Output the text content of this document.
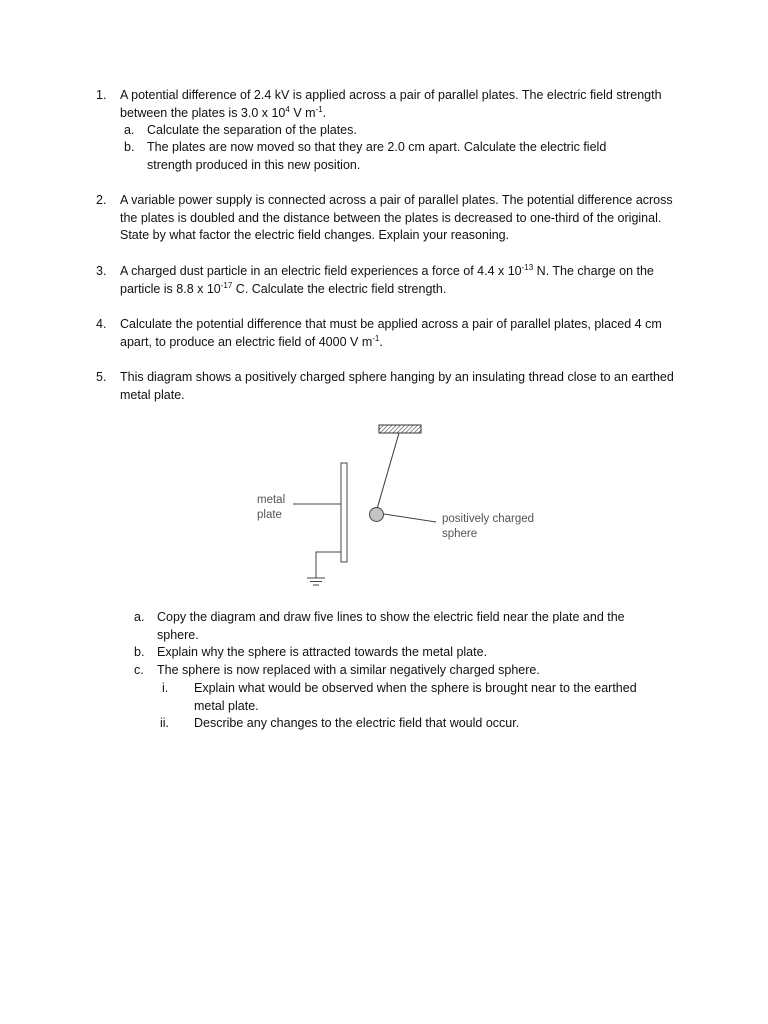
1. A potential difference of 2.4 kV is applied across a pair of parallel plates. The electric field strength between the plates is 3.0 x $10^4$ V $m^{-1}$.
a. Calculate the separation of the plates.
b. The plates are now moved so that they are 2.0 cm apart. Calculate the electric field strength produced in this new position.
2. A variable power supply is connected across a pair of parallel plates. The potential difference across the plates is doubled and the distance between the plates is decreased to one-third of the original. State by what factor the electric field changes. Explain your reasoning.
3. A charged dust particle in an electric field experiences a force of 4.4 x $10^{-13}$ N. The charge on the particle is 8.8 x $10^{-17}$ C. Calculate the electric field strength.
4. Calculate the potential difference that must be applied across a pair of parallel plates, placed 4 cm apart, to produce an electric field of 4000 V $m^{-1}$.
5. This diagram shows a positively charged sphere hanging by an insulating thread close to an earthed metal plate.
metal plate	positively charged sphere
a. Copy the diagram and draw five lines to show the electric field near the plate and the sphere.
b. Explain why the sphere is attracted towards the metal plate.
c. The sphere is now replaced with a similar negatively charged sphere.
i. Explain what would be observed when the sphere is brought near to the earthed metal plate.
ii. Describe any changes to the electric field that would occur.
